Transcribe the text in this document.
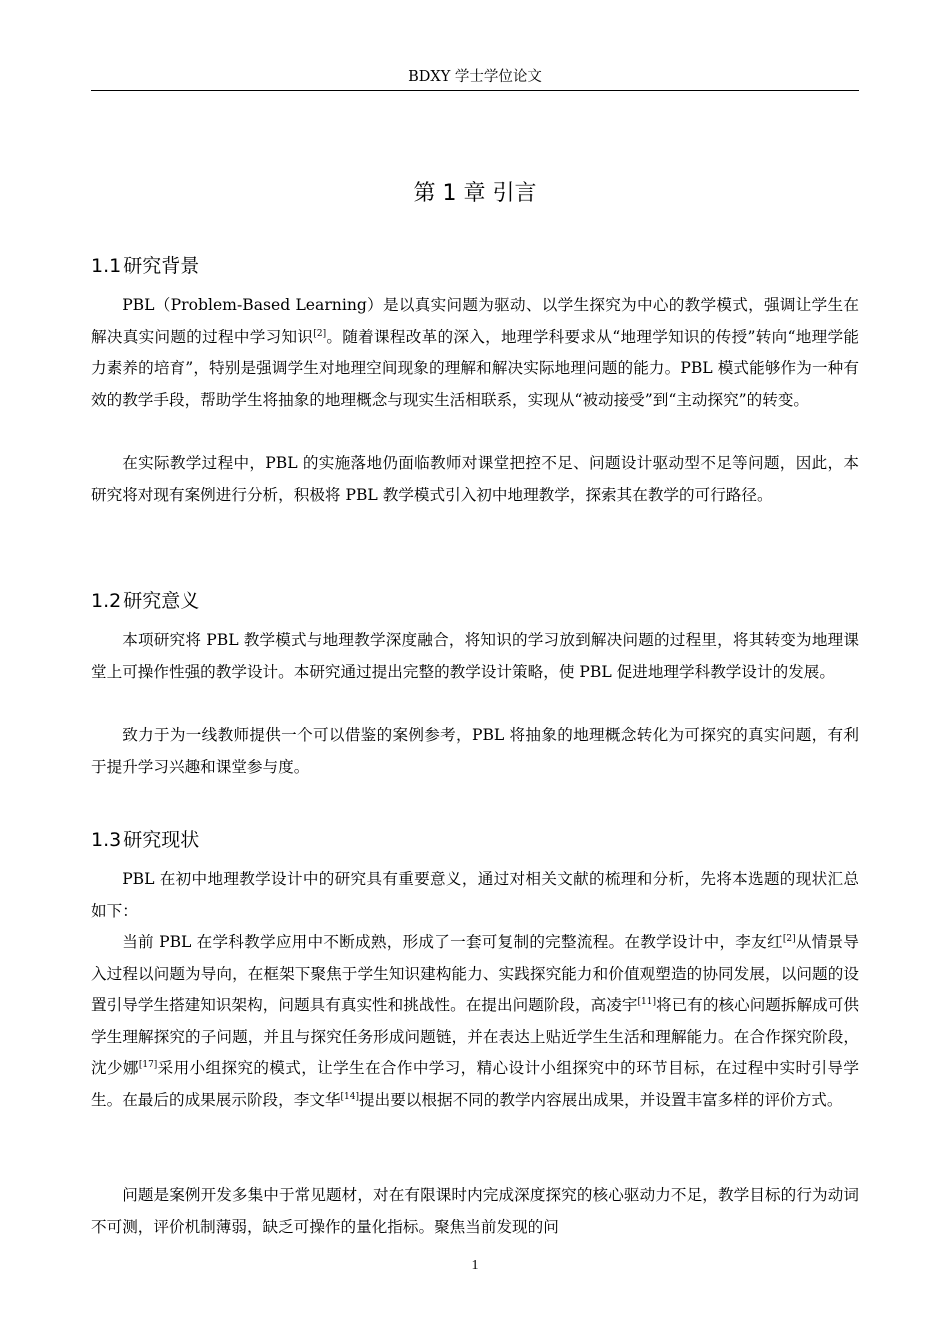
BDXY 学士学位论文
第 1 章 引言
1.1 研究背景

PBL（Problem-Based Learning）是以真实问题为驱动、以学生探究为中心的教学模式，强调让学生在解决真实问题的过程中学习知识[2]。随着课程改革的深入，地理学科要求从“地理学知识的传授”转向“地理学能力素养的培育”，特别是强调学生对地理空间现象的理解和解决实际地理问题的能力。PBL 模式能够作为一种有效的教学手段，帮助学生将抽象的地理概念与现实生活相联系，实现从“被动接受”到“主动探究”的转变。

在实际教学过程中，PBL 的实施落地仍面临教师对课堂把控不足、问题设计驱动型不足等问题，因此，本研究将对现有案例进行分析，积极将 PBL 教学模式引入初中地理教学，探索其在教学的可行路径。

1.2 研究意义

本项研究将 PBL 教学模式与地理教学深度融合，将知识的学习放到解决问题的过程里，将其转变为地理课堂上可操作性强的教学设计。本研究通过提出完整的教学设计策略，使 PBL 促进地理学科教学设计的发展。

致力于为一线教师提供一个可以借鉴的案例参考，PBL 将抽象的地理概念转化为可探究的真实问题，有利于提升学习兴趣和课堂参与度。

1.3 研究现状

PBL 在初中地理教学设计中的研究具有重要意义，通过对相关文献的梳理和分析，先将本选题的现状汇总如下：

当前 PBL 在学科教学应用中不断成熟，形成了一套可复制的完整流程。在教学设计中，李友红[2]从情景导入过程以问题为导向，在框架下聚焦于学生知识建构能力、实践探究能力和价值观塑造的协同发展，以问题的设置引导学生搭建知识架构，问题具有真实性和挑战性。在提出问题阶段，高凌宇[11]将已有的核心问题拆解成可供学生理解探究的子问题，并且与探究任务形成问题链，并在表达上贴近学生生活和理解能力。在合作探究阶段，沈少娜[17]采用小组探究的模式，让学生在合作中学习，精心设计小组探究中的环节目标，在过程中实时引导学生。在最后的成果展示阶段，李文华[14]提出要以根据不同的教学内容展出成果，并设置丰富多样的评价方式。

问题是案例开发多集中于常见题材，对在有限课时内完成深度探究的核心驱动力不足，教学目标的行为动词不可测，评价机制薄弱，缺乏可操作的量化指标。聚焦当前发现的问

1
